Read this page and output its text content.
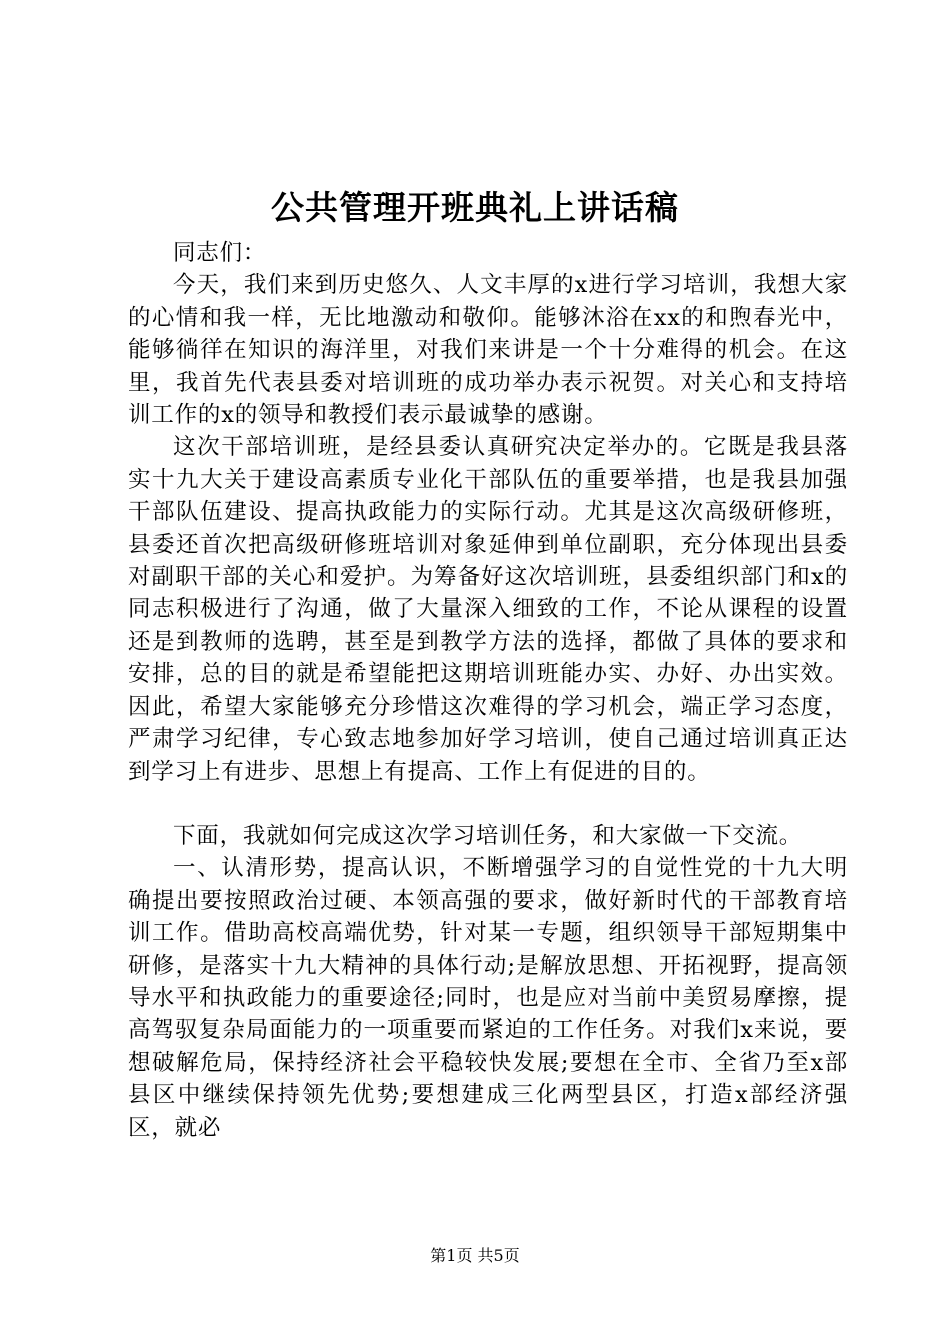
公共管理开班典礼上讲话稿

同志们：

今天，我们来到历史悠久、人文丰厚的x进行学习培训，我想大家的心情和我一样，无比地激动和敬仰。能够沐浴在xx的和煦春光中，能够徜徉在知识的海洋里，对我们来讲是一个十分难得的机会。在这里，我首先代表县委对培训班的成功举办表示祝贺。对关心和支持培训工作的x的领导和教授们表示最诚挚的感谢。

这次干部培训班，是经县委认真研究决定举办的。它既是我县落实十九大关于建设高素质专业化干部队伍的重要举措，也是我县加强干部队伍建设、提高执政能力的实际行动。尤其是这次高级研修班，县委还首次把高级研修班培训对象延伸到单位副职，充分体现出县委对副职干部的关心和爱护。为筹备好这次培训班，县委组织部门和x的同志积极进行了沟通，做了大量深入细致的工作，不论从课程的设置还是到教师的选聘，甚至是到教学方法的选择，都做了具体的要求和安排，总的目的就是希望能把这期培训班能办实、办好、办出实效。因此，希望大家能够充分珍惜这次难得的学习机会，端正学习态度，严肃学习纪律，专心致志地参加好学习培训，使自己通过培训真正达到学习上有进步、思想上有提高、工作上有促进的目的。

下面，我就如何完成这次学习培训任务，和大家做一下交流。

一、认清形势，提高认识，不断增强学习的自觉性党的十九大明确提出要按照政治过硬、本领高强的要求，做好新时代的干部教育培训工作。借助高校高端优势，针对某一专题，组织领导干部短期集中研修，是落实十九大精神的具体行动;是解放思想、开拓视野，提高领导水平和执政能力的重要途径;同时，也是应对当前中美贸易摩擦，提高驾驭复杂局面能力的一项重要而紧迫的工作任务。对我们x来说，要想破解危局，保持经济社会平稳较快发展;要想在全市、全省乃至x部县区中继续保持领先优势;要想建成三化两型县区，打造x部经济强区，就必

第1页 共5页
